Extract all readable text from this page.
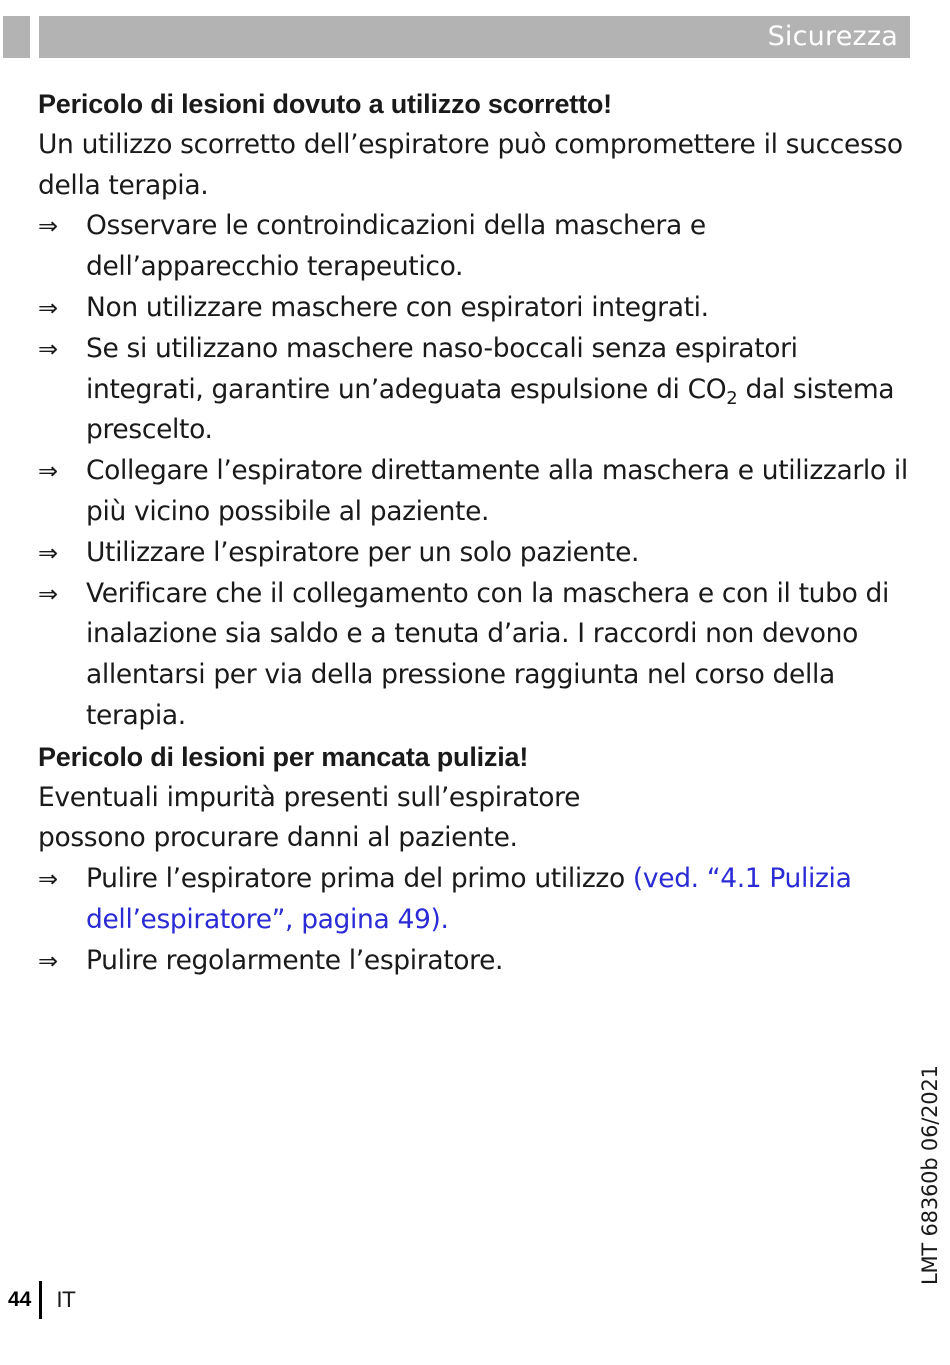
Sicurezza

Pericolo di lesioni dovuto a utilizzo scorretto!

Un utilizzo scorretto dell’espiratore può compromettere il successo della terapia.

⇒	Osservare le controindicazioni della maschera e dell’apparecchio terapeutico.
⇒	Non utilizzare maschere con espiratori integrati.
⇒	Se si utilizzano maschere naso-boccali senza espiratori integrati, garantire un’adeguata espulsione di $CO_2$ dal sistema prescelto.
⇒	Collegare l’espiratore direttamente alla maschera e utilizzarlo il più vicino possibile al paziente.
⇒	Utilizzare l’espiratore per un solo paziente.
⇒	Verificare che il collegamento con la maschera e con il tubo di inalazione sia saldo e a tenuta d’aria. I raccordi non devono allentarsi per via della pressione raggiunta nel corso della terapia.

Pericolo di lesioni per mancata pulizia!

Eventuali impurità presenti sull’espiratore

possono procurare danni al paziente.

⇒	Pulire l’espiratore prima del primo utilizzo (ved. “4.1 Pulizia dell’espiratore”, pagina 49).
⇒	Pulire regolarmente l’espiratore.
LMT 68360b 06/2021
44 IT
